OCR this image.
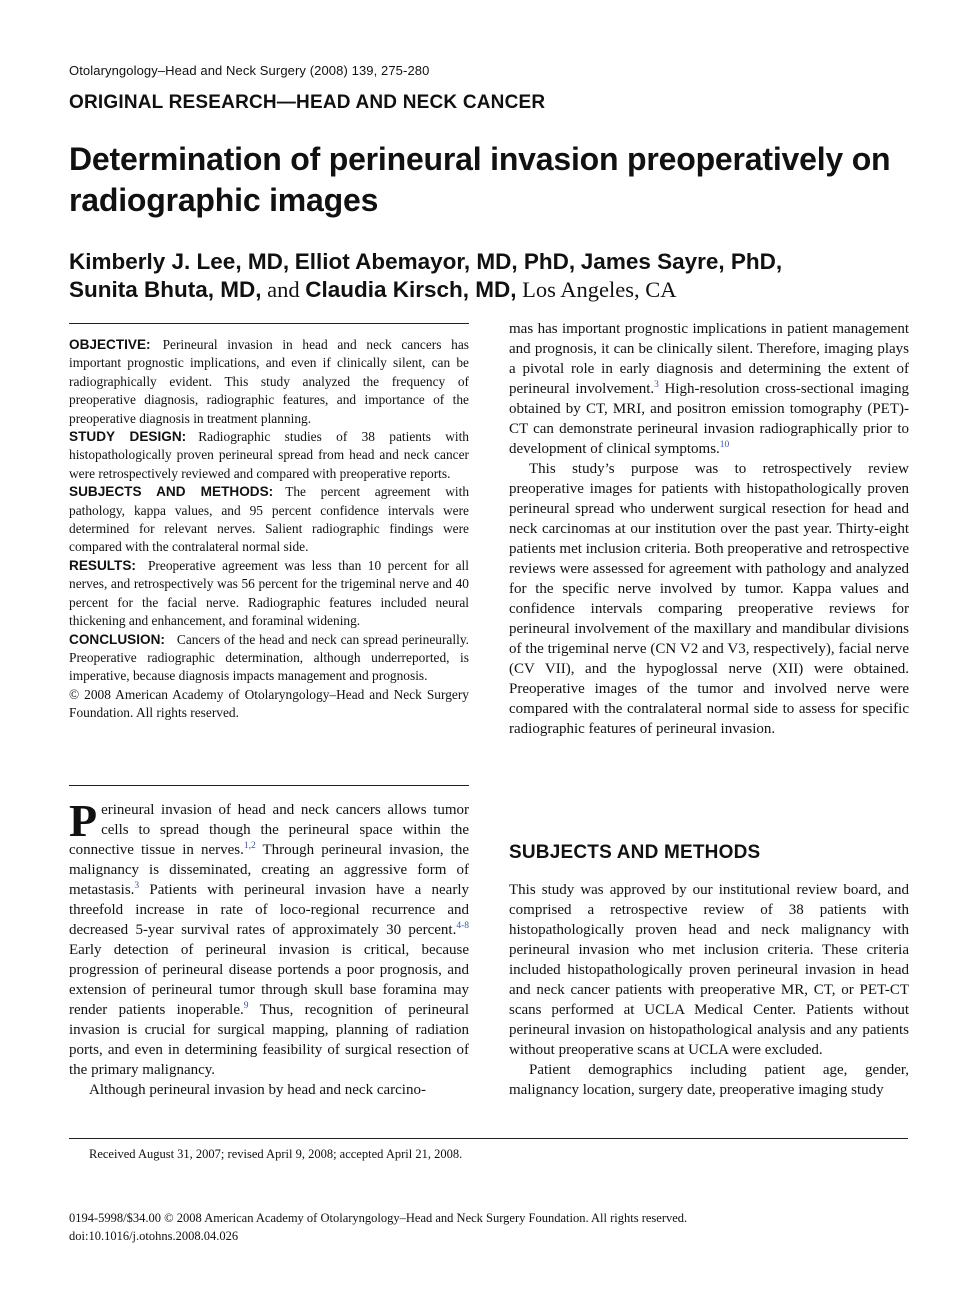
Otolaryngology–Head and Neck Surgery (2008) 139, 275-280
ORIGINAL RESEARCH—HEAD AND NECK CANCER
Determination of perineural invasion preoperatively on radiographic images
Kimberly J. Lee, MD, Elliot Abemayor, MD, PhD, James Sayre, PhD,
Sunita Bhuta, MD, and Claudia Kirsch, MD, Los Angeles, CA

OBJECTIVE: Perineural invasion in head and neck cancers has important prognostic implications, and even if clinically silent, can be radiographically evident. This study analyzed the frequency of preoperative diagnosis, radiographic features, and importance of the preoperative diagnosis in treatment planning.

STUDY DESIGN: Radiographic studies of 38 patients with histopathologically proven perineural spread from head and neck cancer were retrospectively reviewed and compared with preoperative reports.

SUBJECTS AND METHODS: The percent agreement with pathology, kappa values, and 95 percent confidence intervals were determined for relevant nerves. Salient radiographic findings were compared with the contralateral normal side.

RESULTS: Preoperative agreement was less than 10 percent for all nerves, and retrospectively was 56 percent for the trigeminal nerve and 40 percent for the facial nerve. Radiographic features included neural thickening and enhancement, and foraminal widening.

CONCLUSION: Cancers of the head and neck can spread perineurally. Preoperative radiographic determination, although underreported, is imperative, because diagnosis impacts management and prognosis.

© 2008 American Academy of Otolaryngology–Head and Neck Surgery Foundation. All rights reserved.

Perineural invasion of head and neck cancers allows tumor cells to spread though the perineural space within the connective tissue in nerves.$^{1,2}$ Through perineural invasion, the malignancy is disseminated, creating an aggressive form of metastasis.$^3$ Patients with perineural invasion have a nearly threefold increase in rate of loco-regional recurrence and decreased 5-year survival rates of approximately 30 percent.$^{4-8}$ Early detection of perineural invasion is critical, because progression of perineural disease portends a poor prognosis, and extension of perineural tumor through skull base foramina may render patients inoperable.$^9$ Thus, recognition of perineural invasion is crucial for surgical mapping, planning of radiation ports, and even in determining feasibility of surgical resection of the primary malignancy.

Although perineural invasion by head and neck carcino-

mas has important prognostic implications in patient management and prognosis, it can be clinically silent. Therefore, imaging plays a pivotal role in early diagnosis and determining the extent of perineural involvement.$^3$ High-resolution cross-sectional imaging obtained by CT, MRI, and positron emission tomography (PET)-CT can demonstrate perineural invasion radiographically prior to development of clinical symptoms.$^{10}$

This study’s purpose was to retrospectively review preoperative images for patients with histopathologically proven perineural spread who underwent surgical resection for head and neck carcinomas at our institution over the past year. Thirty-eight patients met inclusion criteria. Both preoperative and retrospective reviews were assessed for agreement with pathology and analyzed for the specific nerve involved by tumor. Kappa values and confidence intervals comparing preoperative reviews for perineural involvement of the maxillary and mandibular divisions of the trigeminal nerve (CN V2 and V3, respectively), facial nerve (CV VII), and the hypoglossal nerve (XII) were obtained. Preoperative images of the tumor and involved nerve were compared with the contralateral normal side to assess for specific radiographic features of perineural invasion.

SUBJECTS AND METHODS

This study was approved by our institutional review board, and comprised a retrospective review of 38 patients with histopathologically proven head and neck malignancy with perineural invasion who met inclusion criteria. These criteria included histopathologically proven perineural invasion in head and neck cancer patients with preoperative MR, CT, or PET-CT scans performed at UCLA Medical Center. Patients without perineural invasion on histopathological analysis and any patients without preoperative scans at UCLA were excluded.

Patient demographics including patient age, gender, malignancy location, surgery date, preoperative imaging study

Received August 31, 2007; revised April 9, 2008; accepted April 21, 2008.
0194-5998/$34.00 © 2008 American Academy of Otolaryngology–Head and Neck Surgery Foundation. All rights reserved.
doi:10.1016/j.otohns.2008.04.026
